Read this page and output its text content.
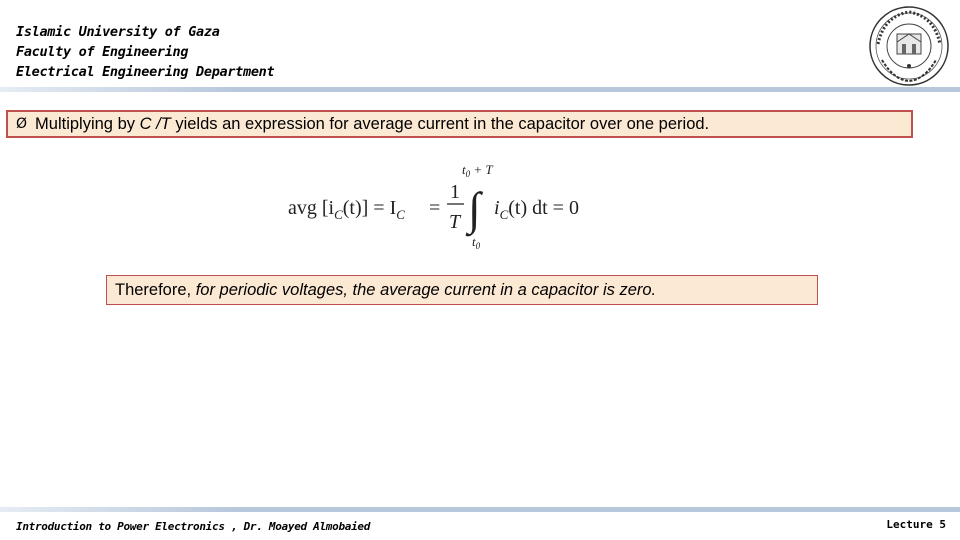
Islamic University of Gaza
Faculty of Engineering
Electrical Engineering Department
Ø Multiplying by C /T yields an expression for average current in the capacitor over one period.
avg $[i_C(t)] = I_C$ =
1
T ∫
$t_0 + T$
$t_0$
$i_C(t)$ dt = 0
Therefore, for periodic voltages, the average current in a capacitor is zero.
Introduction to Power Electronics , Dr. Moayed Almobaied	Lecture 5
